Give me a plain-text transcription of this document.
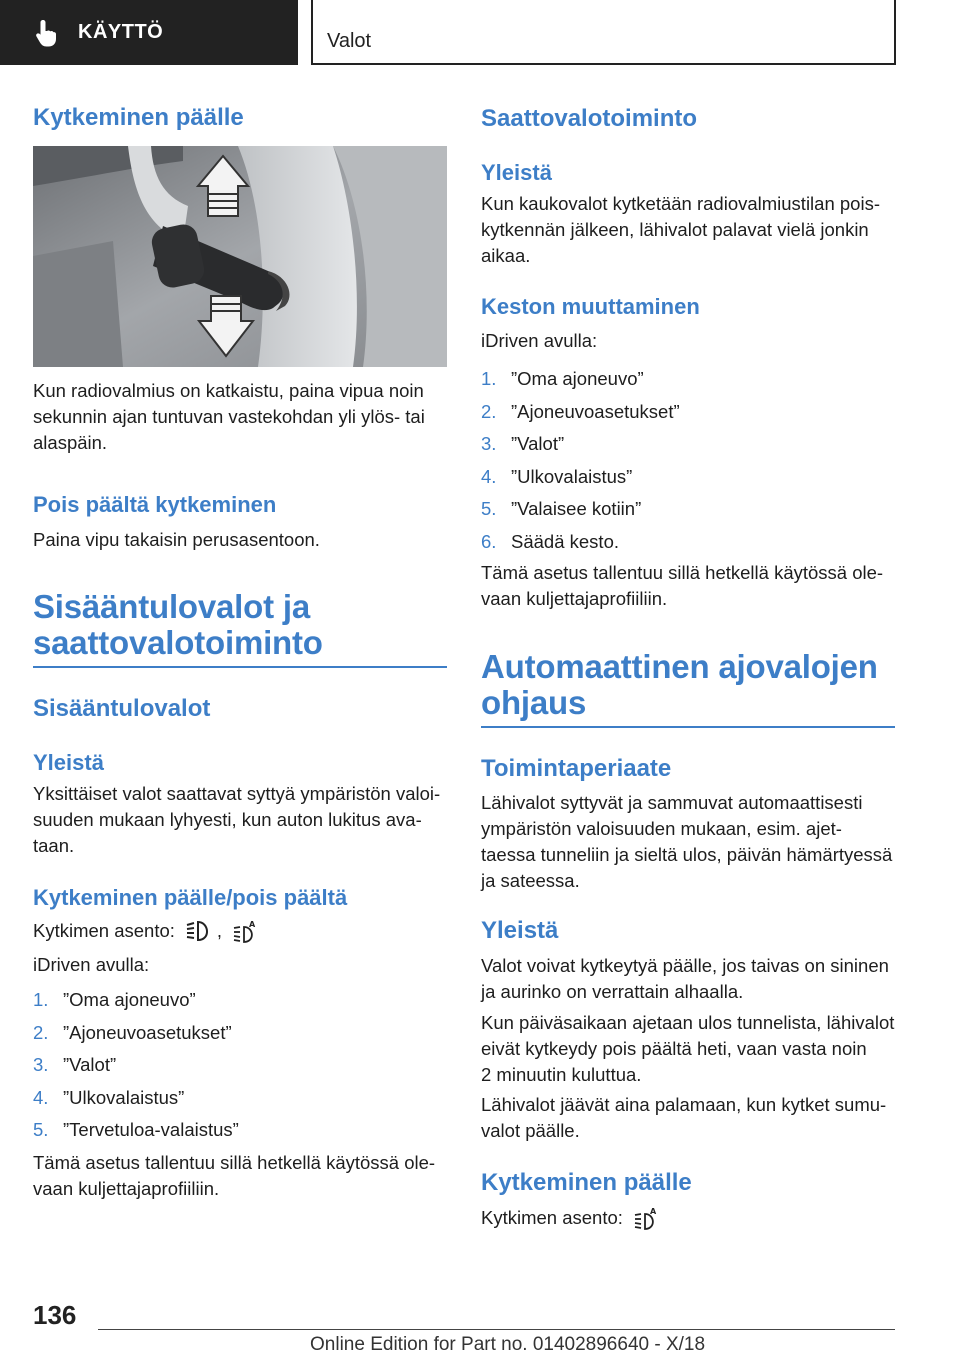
KÄYTTÖ	Valot
Kytkeminen päälle
Kun radiovalmius on katkaistu, paina vipua noin
sekunnin ajan tuntuvan vastekohdan yli ylös- tai
alaspäin.
Pois päältä kytkeminen
Paina vipu takaisin perusasentoon.
Sisääntulovalot ja
saattovalotoiminto
Sisääntulovalot
Yleistä
Yksittäiset valot saattavat syttyä ympäristön valoi-
suuden mukaan lyhyesti, kun auton lukitus ava-
taan.
Kytkeminen päälle/pois päältä
Kytkimen asento: ,	A
iDriven avulla:
1. ”Oma ajoneuvo”
2. ”Ajoneuvoasetukset”
3. ”Valot”
4. ”Ulkovalaistus”
5. ”Tervetuloa-valaistus”
Tämä asetus tallentuu sillä hetkellä käytössä ole-
vaan kuljettajaprofiiliin.
Saattovalotoiminto
Yleistä
Kun kaukovalot kytketään radiovalmiustilan pois-
kytkennän jälkeen, lähivalot palavat vielä jonkin
aikaa.
Keston muuttaminen
iDriven avulla:
1. ”Oma ajoneuvo”
2. ”Ajoneuvoasetukset”
3. ”Valot”
4. ”Ulkovalaistus”
5. ”Valaisee kotiin”
6. Säädä kesto.
Tämä asetus tallentuu sillä hetkellä käytössä ole-
vaan kuljettajaprofiiliin.
Automaattinen ajovalojen
ohjaus
Toimintaperiaate
Lähivalot syttyvät ja sammuvat automaattisesti
ympäristön valoisuuden mukaan, esim. ajet-
taessa tunneliin ja sieltä ulos, päivän hämärtyessä
ja sateessa.
Yleistä
Valot voivat kytkeytyä päälle, jos taivas on sininen
ja aurinko on verrattain alhaalla.
Kun päiväsaikaan ajetaan ulos tunnelista, lähivalot
eivät kytkeydy pois päältä heti, vaan vasta noin
2 minuutin kuluttua.
Lähivalot jäävät aina palamaan, kun kytket sumu-
valot päälle.
Kytkeminen päälle
Kytkimen asento:	A
136
Online Edition for Part no. 01402896640 - X/18
